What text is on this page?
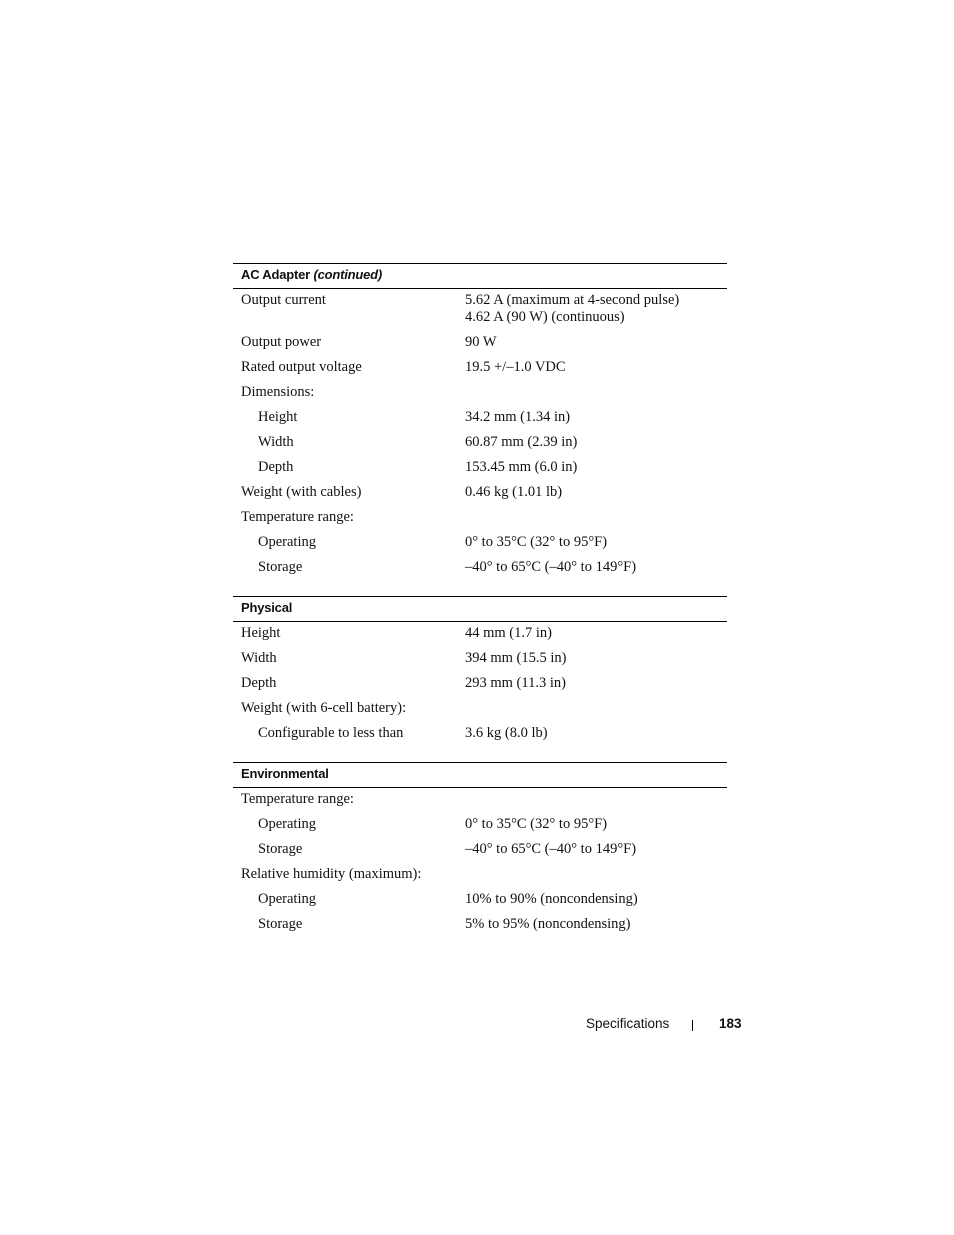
AC Adapter (continued)
Output current	5.62 A (maximum at 4-second pulse)
4.62 A (90 W) (continuous)
Output power	90 W
Rated output voltage	19.5 +/–1.0 VDC
Dimensions:
Height	34.2 mm (1.34 in)
Width	60.87 mm (2.39 in)
Depth	153.45 mm (6.0 in)
Weight (with cables)	0.46 kg (1.01 lb)
Temperature range:
Operating	0° to 35°C (32° to 95°F)
Storage	–40° to 65°C (–40° to 149°F)
Physical
Height	44 mm (1.7 in)
Width	394 mm (15.5 in)
Depth	293 mm (11.3 in)
Weight (with 6-cell battery):
Configurable to less than	3.6 kg (8.0 lb)
Environmental
Temperature range:
Operating	0° to 35°C (32° to 95°F)
Storage	–40° to 65°C (–40° to 149°F)
Relative humidity (maximum):
Operating	10% to 90% (noncondensing)
Storage	5% to 95% (noncondensing)
Specifications	183
